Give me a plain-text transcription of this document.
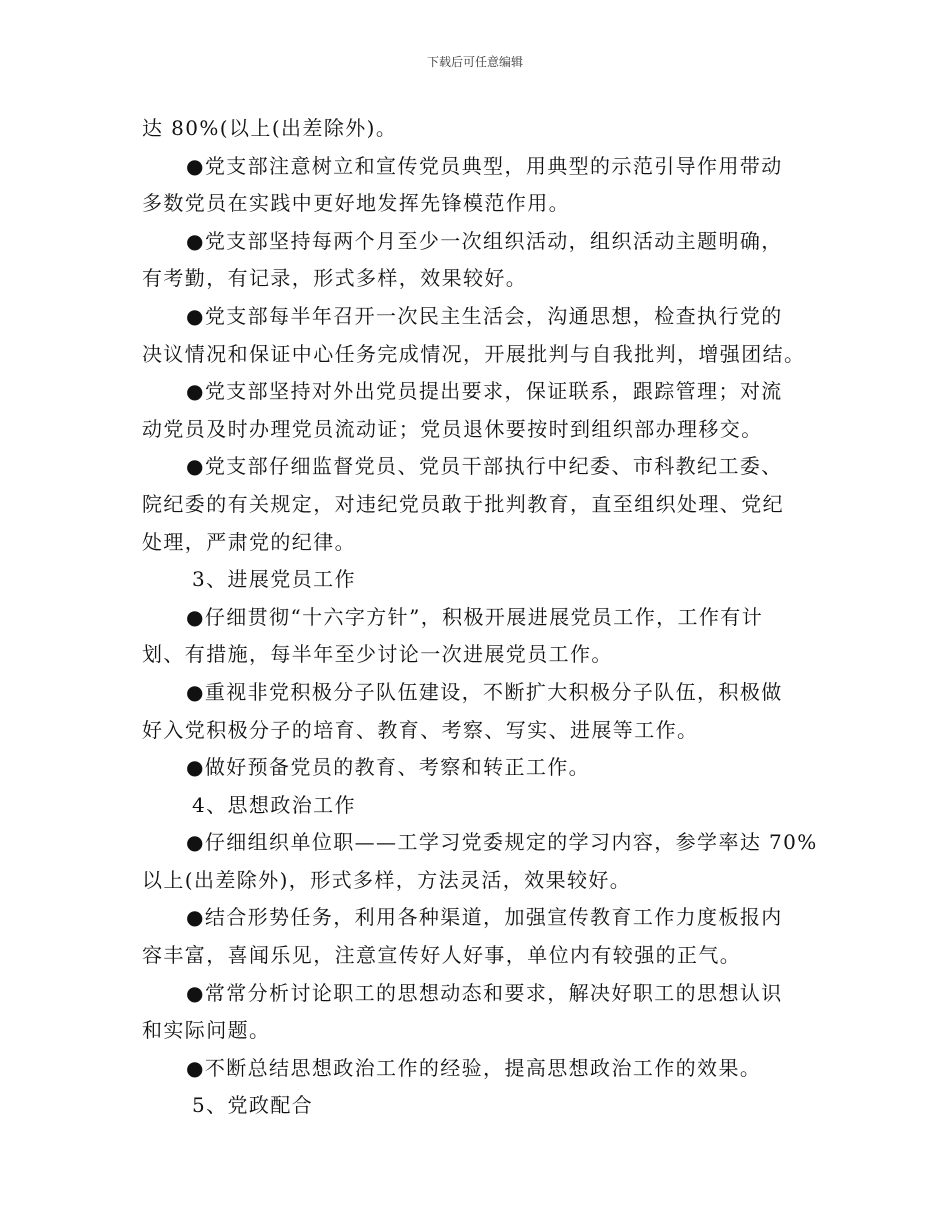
下载后可任意编辑
达 80%(以上(出差除外)。
●党支部注意树立和宣传党员典型，用典型的示范引导作用带动
多数党员在实践中更好地发挥先锋模范作用。
●党支部坚持每两个月至少一次组织活动，组织活动主题明确，
有考勤，有记录，形式多样，效果较好。
●党支部每半年召开一次民主生活会，沟通思想，检查执行党的
决议情况和保证中心任务完成情况，开展批判与自我批判，增强团结。
●党支部坚持对外出党员提出要求，保证联系，跟踪管理；对流
动党员及时办理党员流动证；党员退休要按时到组织部办理移交。
●党支部仔细监督党员、党员干部执行中纪委、市科教纪工委、
院纪委的有关规定，对违纪党员敢于批判教育，直至组织处理、党纪
处理，严肃党的纪律。
3、进展党员工作
●仔细贯彻“十六字方针”，积极开展进展党员工作，工作有计
划、有措施，每半年至少讨论一次进展党员工作。
●重视非党积极分子队伍建设，不断扩大积极分子队伍，积极做
好入党积极分子的培育、教育、考察、写实、进展等工作。
●做好预备党员的教育、考察和转正工作。
4、思想政治工作
●仔细组织单位职——工学习党委规定的学习内容，参学率达 70%
以上(出差除外)，形式多样，方法灵活，效果较好。
●结合形势任务，利用各种渠道，加强宣传教育工作力度板报内
容丰富，喜闻乐见，注意宣传好人好事，单位内有较强的正气。
●常常分析讨论职工的思想动态和要求，解决好职工的思想认识
和实际问题。
●不断总结思想政治工作的经验，提高思想政治工作的效果。
5、党政配合
